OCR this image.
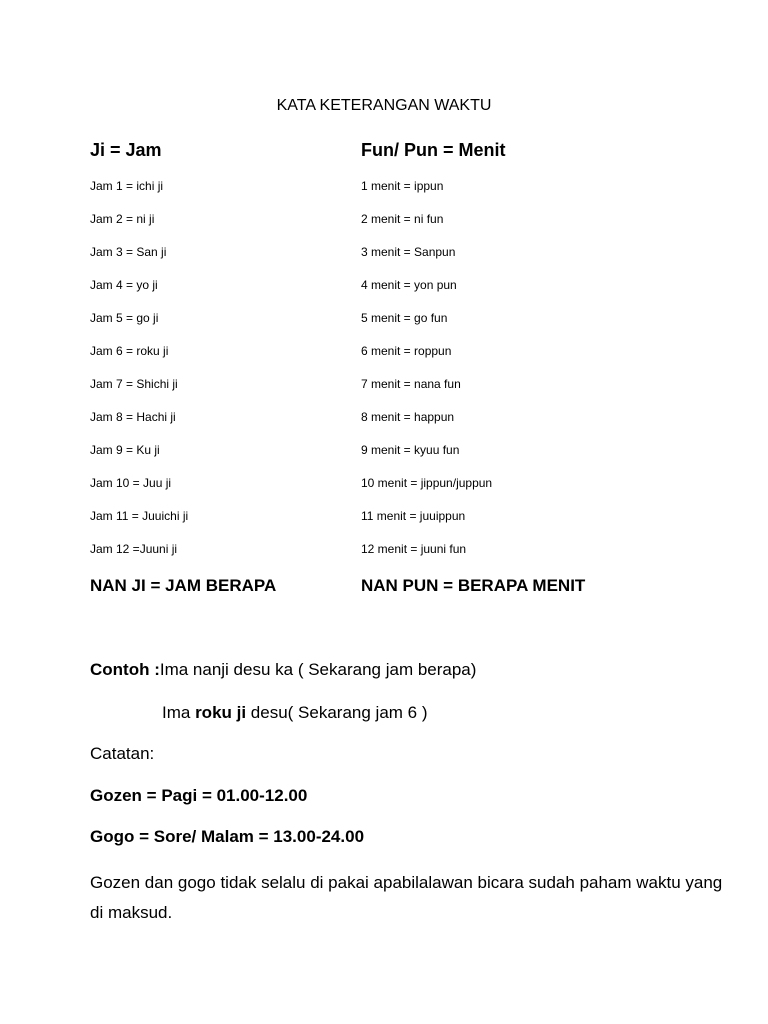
KATA KETERANGAN WAKTU
Ji = Jam	Fun/ Pun = Menit
Jam 1 = ichi ji
Jam 2 = ni ji
Jam 3 = San ji
Jam 4 = yo ji
Jam 5 = go ji
Jam 6 = roku ji
Jam 7 = Shichi ji
Jam 8 = Hachi ji
Jam 9 = Ku ji
Jam 10 = Juu ji
Jam 11 = Juuichi ji
Jam 12 =Juuni ji
1 menit = ippun
2 menit = ni fun
3 menit = Sanpun
4 menit = yon pun
5 menit = go fun
6 menit = roppun
7 menit = nana fun
8 menit = happun
9 menit = kyuu fun
10 menit = jippun/juppun
11 menit = juuippun
12 menit = juuni fun
NAN JI = JAM BERAPA	NAN PUN = BERAPA MENIT
Contoh :Ima nanji desu ka ( Sekarang jam berapa)
Ima roku ji desu( Sekarang jam 6 )
Catatan:
Gozen = Pagi = 01.00-12.00
Gogo = Sore/ Malam = 13.00-24.00
Gozen dan gogo tidak selalu di pakai apabilalawan bicara sudah paham waktu yang di maksud.
